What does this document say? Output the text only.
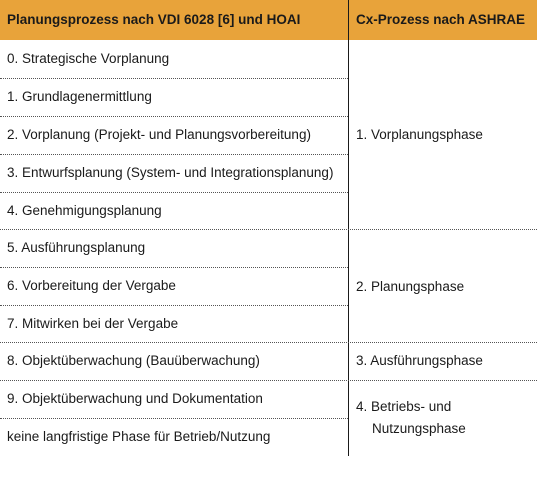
Planungsprozess nach VDI 6028 [6] und HOAI	Cx-Prozess nach ASHRAE
0. Strategische Vorplanung
1. Grundlagenermittlung
2. Vorplanung (Projekt- und Planungsvorbereitung)
3. Entwurfsplanung (System- und Integrationsplanung)
4. Genehmigungsplanung
5. Ausführungsplanung
6. Vorbereitung der Vergabe
7. Mitwirken bei der Vergabe
8. Objektüberwachung (Bauüberwachung)
9. Objektüberwachung und Dokumentation
keine langfristige Phase für Betrieb/Nutzung
1. Vorplanungsphase
2. Planungsphase
3. Ausführungsphase
4. Betriebs- und
Nutzungsphase
